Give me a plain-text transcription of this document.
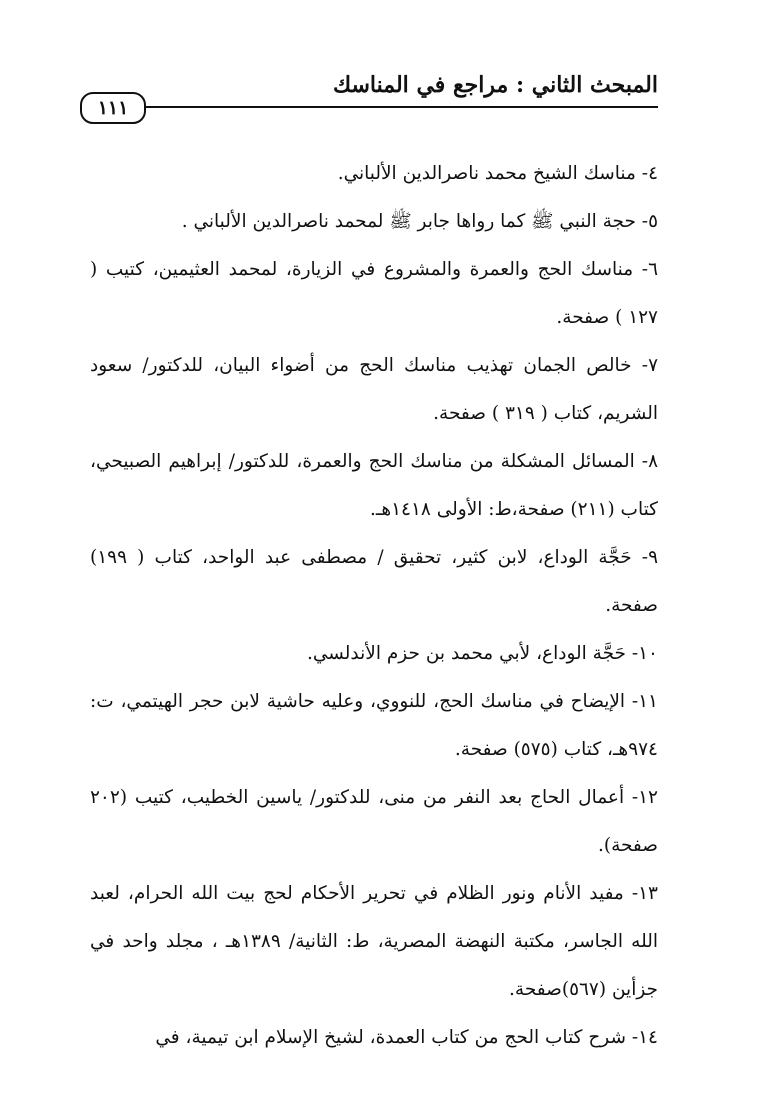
المبحث الثاني : مراجع في المناسك
١١١

٤- مناسك الشيخ محمد ناصرالدين الألباني.

٥- حجة النبي ﷺ كما رواها جابر ﷺ لمحمد ناصرالدين الألباني .

٦- مناسك الحج والعمرة والمشروع في الزيارة، لمحمد العثيمين، كتيب ( ١٢٧ ) صفحة.

٧- خالص الجمان تهذيب مناسك الحج من أضواء البيان، للدكتور/ سعود الشريم، كتاب ( ٣١٩ ) صفحة.

٨- المسائل المشكلة من مناسك الحج والعمرة، للدكتور/ إبراهيم الصبيحي، كتاب (٢١١) صفحة،ط: الأولى ١٤١٨هـ.

٩- حَجَّة الوداع، لابن كثير، تحقيق / مصطفى عبد الواحد، كتاب ( ١٩٩) صفحة.

١٠- حَجَّة الوداع، لأبي محمد بن حزم الأندلسي.

١١- الإيضاح في مناسك الحج، للنووي، وعليه حاشية لابن حجر الهيتمي، ت: ٩٧٤هـ، كتاب (٥٧٥) صفحة.

١٢- أعمال الحاج بعد النفر من منى، للدكتور/ ياسين الخطيب، كتيب (٢٠٢ صفحة).

١٣- مفيد الأنام ونور الظلام في تحرير الأحكام لحج بيت الله الحرام، لعبد الله الجاسر، مكتبة النهضة المصرية، ط: الثانية/ ١٣٨٩هـ ، مجلد واحد في جزأين (٥٦٧)صفحة.

١٤- شرح كتاب الحج من كتاب العمدة، لشيخ الإسلام ابن تيمية، في
